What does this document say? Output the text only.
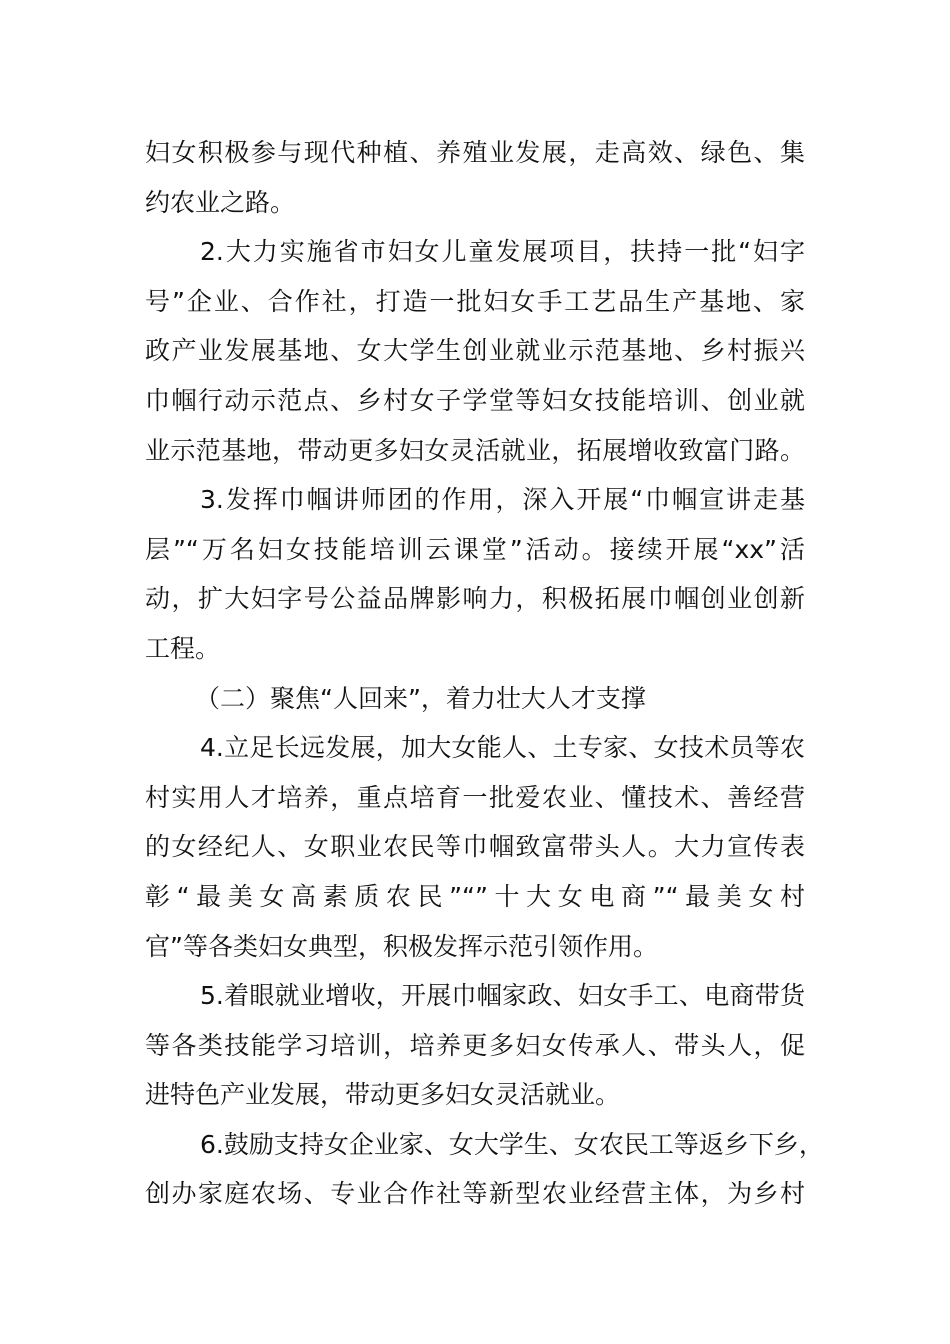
妇女积极参与现代种植、养殖业发展，走高效、绿色、集
约农业之路。
2.大力实施省市妇女儿童发展项目，扶持一批“妇字
号”企业、合作社，打造一批妇女手工艺品生产基地、家
政产业发展基地、女大学生创业就业示范基地、乡村振兴
巾帼行动示范点、乡村女子学堂等妇女技能培训、创业就
业示范基地，带动更多妇女灵活就业，拓展增收致富门路。
3.发挥巾帼讲师团的作用，深入开展“巾帼宣讲走基
层”“万名妇女技能培训云课堂”活动。接续开展“xx”活
动，扩大妇字号公益品牌影响力，积极拓展巾帼创业创新
工程。
（二）聚焦“人回来”，着力壮大人才支撑
4.立足长远发展，加大女能人、土专家、女技术员等农
村实用人才培养，重点培育一批爱农业、懂技术、善经营
的女经纪人、女职业农民等巾帼致富带头人。大力宣传表
彰“最美女高素质农民”“”十大女电商”“最美女村
官”等各类妇女典型，积极发挥示范引领作用。
5.着眼就业增收，开展巾帼家政、妇女手工、电商带货
等各类技能学习培训，培养更多妇女传承人、带头人，促
进特色产业发展，带动更多妇女灵活就业。
6.鼓励支持女企业家、女大学生、女农民工等返乡下乡，
创办家庭农场、专业合作社等新型农业经营主体，为乡村
